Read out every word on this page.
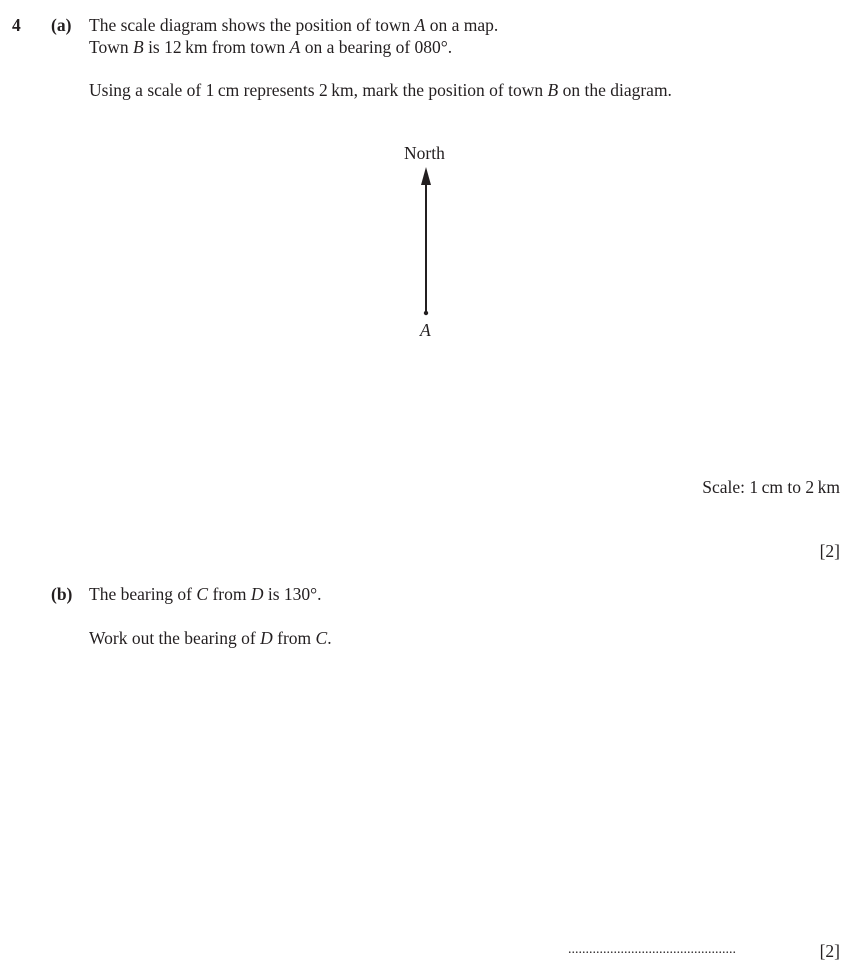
4 (a) The scale diagram shows the position of town A on a map.
Town B is 12 km from town A on a bearing of 080°.
Using a scale of 1 cm represents 2 km, mark the position of town B on the diagram.
North
A
Scale: 1 cm to 2 km
[2]
(b) The bearing of C from D is 130°.
Work out the bearing of D from C.
................................................	[2]
